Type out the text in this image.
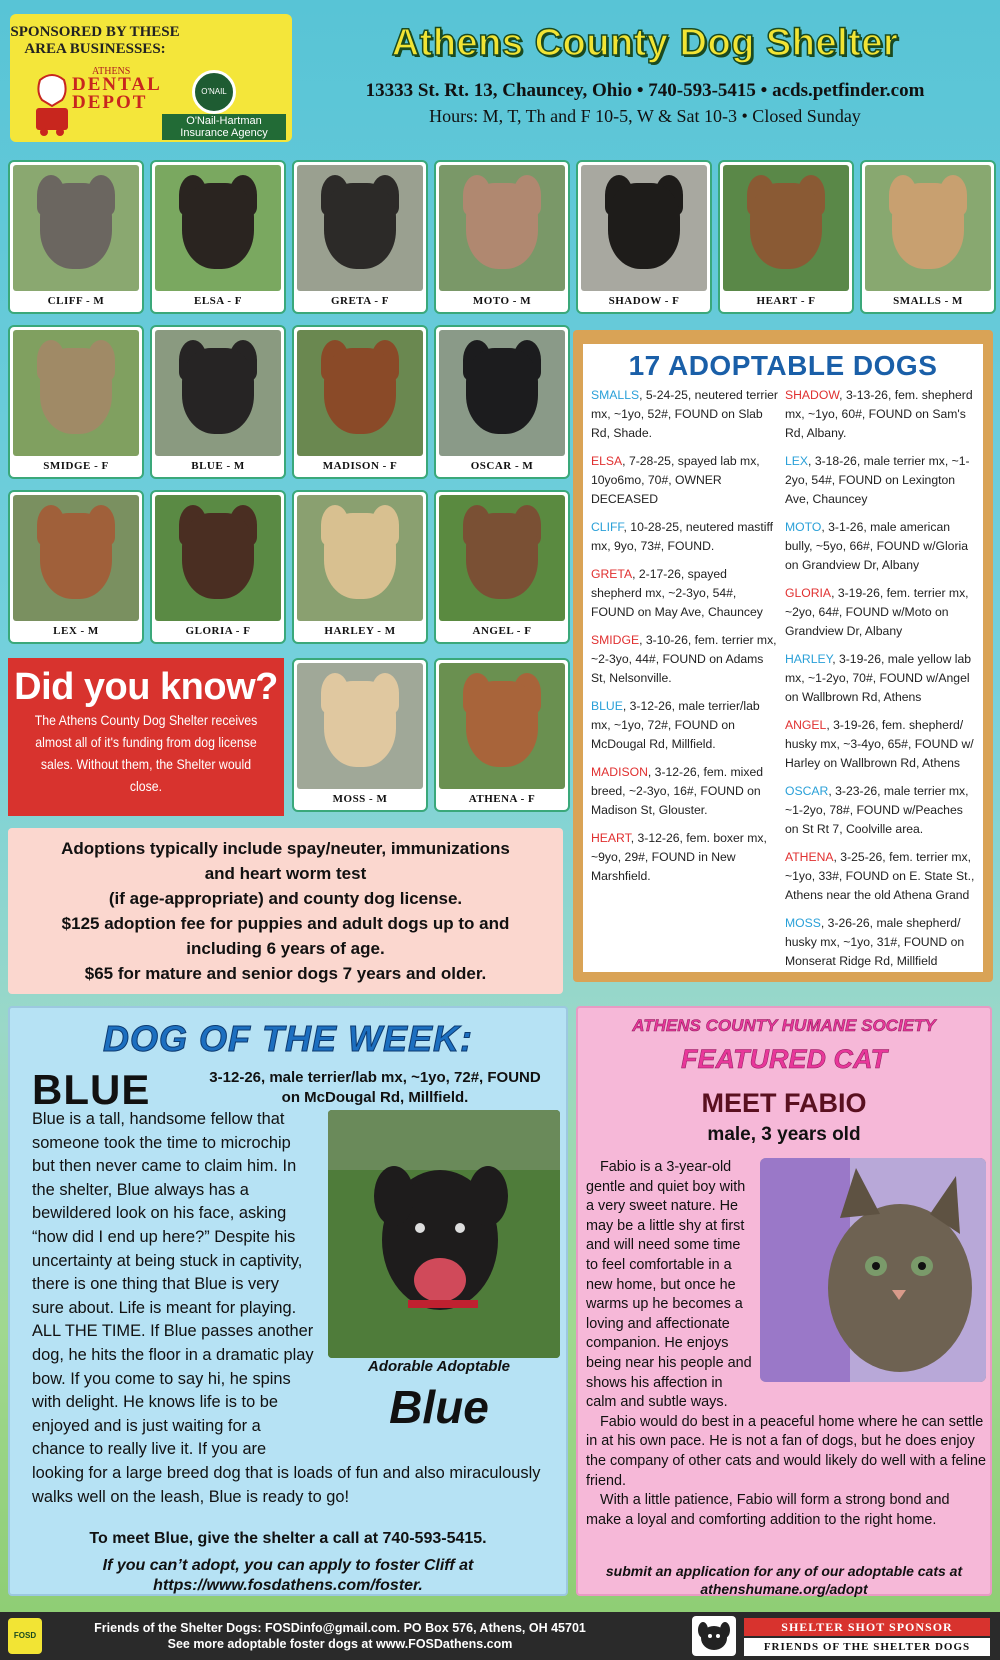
SPONSORED BY THESE AREA BUSINESSES:
ATHENS
DENTAL DEPOT
O'NAIL
O'Nail-Hartman Insurance Agency
Athens County Dog Shelter
13333 St. Rt. 13, Chauncey, Ohio • 740-593-5415 • acds.petfinder.com
Hours: M, T, Th and F 10-5, W & Sat 10-3 • Closed Sunday
CLIFF - M	ELSA - F	GRETA - F	MOTO - M	SHADOW - F	HEART - F	SMALLS - M
SMIDGE - F	BLUE - M	MADISON - F	OSCAR - M
LEX - M	GLORIA - F	HARLEY - M	ANGEL - F
MOSS - M	ATHENA - F
Did you know?
The Athens County Dog Shelter receives almost all of it's funding from dog license sales. Without them, the Shelter would close.
17 ADOPTABLE DOGS
SMALLS, 5-24-25, neutered terrier mx, ~1yo, 52#, FOUND on Slab Rd, Shade.
ELSA, 7-28-25, spayed lab mx, 10yo6mo, 70#, OWNER DECEASED
CLIFF, 10-28-25, neutered mastiff mx, 9yo, 73#, FOUND.
GRETA, 2-17-26, spayed shepherd mx, ~2-3yo, 54#, FOUND on May Ave, Chauncey
SMIDGE, 3-10-26, fem. terrier mx, ~2-3yo, 44#, FOUND on Adams St, Nelsonville.
BLUE, 3-12-26, male terrier/lab mx, ~1yo, 72#, FOUND on McDougal Rd, Millfield.
MADISON, 3-12-26, fem. mixed breed, ~2-3yo, 16#, FOUND on Madison St, Glouster.
HEART, 3-12-26, fem. boxer mx, ~9yo, 29#, FOUND in New Marshfield.
SHADOW, 3-13-26, fem. shepherd mx, ~1yo, 60#, FOUND on Sam's Rd, Albany.
LEX, 3-18-26, male terrier mx, ~1-2yo, 54#, FOUND on Lexington Ave, Chauncey
MOTO, 3-1-26, male american bully, ~5yo, 66#, FOUND w/Gloria on Grandview Dr, Albany
GLORIA, 3-19-26, fem. terrier mx, ~2yo, 64#, FOUND w/Moto on Grandview Dr, Albany
HARLEY, 3-19-26, male yellow lab mx, ~1-2yo, 70#, FOUND w/Angel on Wallbrown Rd, Athens
ANGEL, 3-19-26, fem. shepherd/ husky mx, ~3-4yo, 65#, FOUND w/ Harley on Wallbrown Rd, Athens
OSCAR, 3-23-26, male terrier mx, ~1-2yo, 78#, FOUND w/Peaches on St Rt 7, Coolville area.
ATHENA, 3-25-26, fem. terrier mx, ~1yo, 33#, FOUND on E. State St., Athens near the old Athena Grand
MOSS, 3-26-26, male shepherd/ husky mx, ~1yo, 31#, FOUND on Monserat Ridge Rd, Millfield
Adoptions typically include spay/neuter, immunizations
and heart worm test
(if age-appropriate) and county dog license.
$125 adoption fee for puppies and adult dogs up to and
including 6 years of age.
$65 for mature and senior dogs 7 years and older.
DOG OF THE WEEK:
BLUE	3-12-26, male terrier/lab mx, ~1yo, 72#, FOUND on McDougal Rd, Millfield.
Blue is a tall, handsome fellow that someone took the time to microchip but then never came to claim him. In the shelter, Blue always has a bewildered look on his face, asking “how did I end up here?” Despite his uncertainty at being stuck in captivity, there is one thing that Blue is very sure about. Life is meant for playing. ALL THE TIME. If Blue passes another dog, he hits the floor in a dramatic play bow. If you come to say hi, he spins with delight. He knows life is to be enjoyed and is just waiting for a chance to really live it. If you are looking for a large breed dog that is loads of fun and also miraculously walks well on the leash, Blue is ready to go!
Adorable Adoptable
Blue
To meet Blue, give the shelter a call at 740-593-5415.
If you can’t adopt, you can apply to foster Cliff at https://www.fosdathens.com/foster.
ATHENS COUNTY HUMANE SOCIETY
FEATURED CAT
MEET FABIO
male, 3 years old

Fabio is a 3-year-old gentle and quiet boy with a very sweet nature. He may be a little shy at first and will need some time to feel comfortable in a new home, but once he warms up he becomes a loving and affectionate companion. He enjoys being near his people and shows his affection in calm and subtle ways.

Fabio would do best in a peaceful home where he can settle in at his own pace. He is not a fan of dogs, but he does enjoy the company of other cats and would likely do well with a feline friend.

With a little patience, Fabio will form a strong bond and make a loyal and comforting addition to the right home.

submit an application for any of our adoptable cats at athenshumane.org/adopt
FOSD
Friends of the Shelter Dogs: FOSDinfo@gmail.com. PO Box 576, Athens, OH 45701
See more adoptable foster dogs at www.FOSDathens.com
SHELTER SHOT SPONSOR
FRIENDS OF THE SHELTER DOGS
